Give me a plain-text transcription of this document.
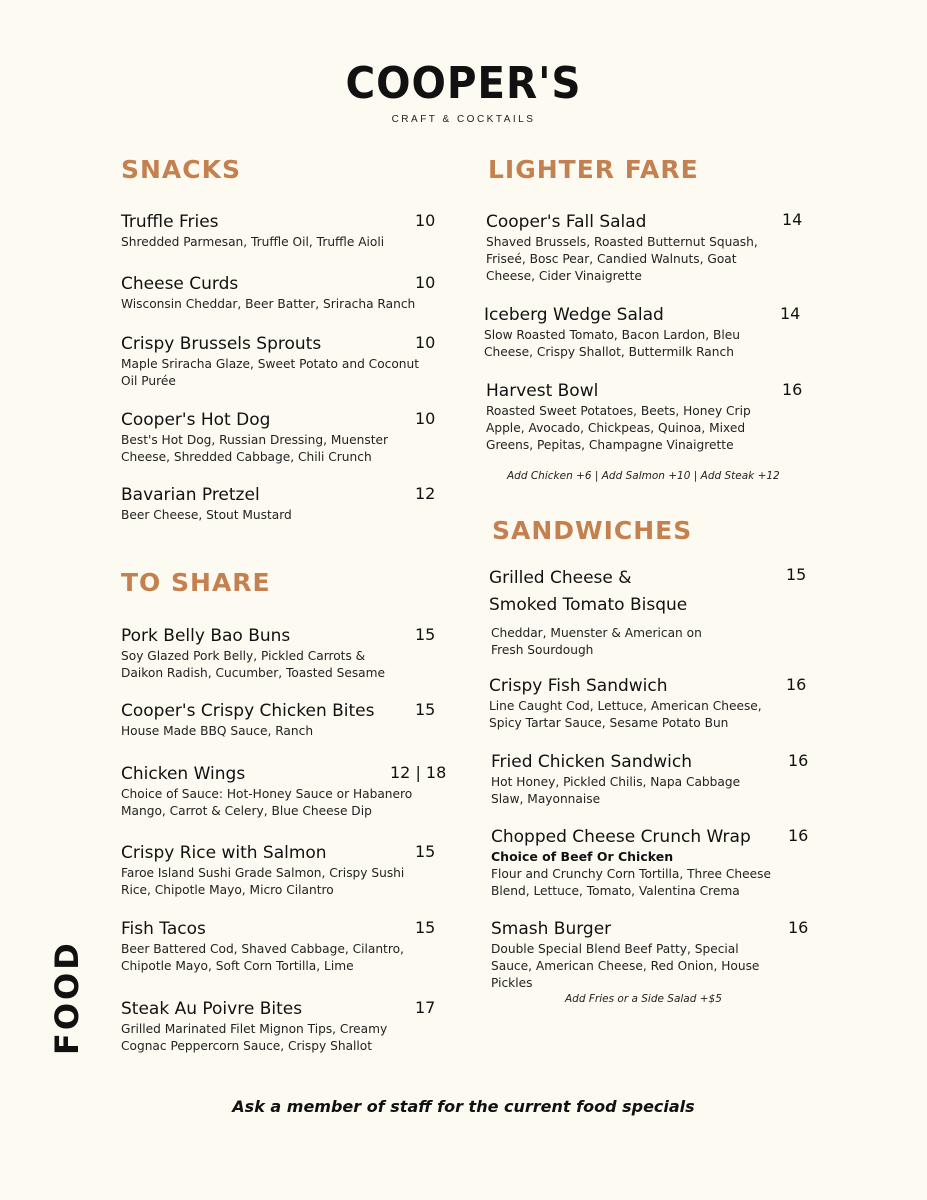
COOPER'S
CRAFT & COCKTAILS
SNACKS
Truffle Fries
Shredded Parmesan, Truffle Oil, Truffle Aioli
10
Cheese Curds
Wisconsin Cheddar, Beer Batter, Sriracha Ranch
10
Crispy Brussels Sprouts
Maple Sriracha Glaze, Sweet Potato and Coconut Oil Purée
10
Cooper's Hot Dog
Best's Hot Dog, Russian Dressing, Muenster Cheese, Shredded Cabbage, Chili Crunch
10
Bavarian Pretzel
Beer Cheese, Stout Mustard
12
TO SHARE
Pork Belly Bao Buns
Soy Glazed Pork Belly, Pickled Carrots & Daikon Radish, Cucumber, Toasted Sesame
15
Cooper's Crispy Chicken Bites
House Made BBQ Sauce, Ranch
15
Chicken Wings
Choice of Sauce: Hot-Honey Sauce or Habanero Mango, Carrot & Celery, Blue Cheese Dip
12 | 18
Crispy Rice with Salmon
Faroe Island Sushi Grade Salmon, Crispy Sushi Rice, Chipotle Mayo, Micro Cilantro
15
Fish Tacos
Beer Battered Cod, Shaved Cabbage, Cilantro, Chipotle Mayo, Soft Corn Tortilla, Lime
15
Steak Au Poivre Bites
Grilled Marinated Filet Mignon Tips, Creamy Cognac Peppercorn Sauce, Crispy Shallot
17
LIGHTER FARE
Cooper's Fall Salad
Shaved Brussels, Roasted Butternut Squash, Friseé, Bosc Pear, Candied Walnuts, Goat Cheese, Cider Vinaigrette
14
Iceberg Wedge Salad
Slow Roasted Tomato, Bacon Lardon, Bleu Cheese, Crispy Shallot, Buttermilk Ranch
14
Harvest Bowl
Roasted Sweet Potatoes, Beets, Honey Crip Apple, Avocado, Chickpeas, Quinoa, Mixed Greens, Pepitas, Champagne Vinaigrette
16
Add Chicken +6 | Add Salmon +10 | Add Steak +12
SANDWICHES
Grilled Cheese &
Smoked Tomato Bisque
Cheddar, Muenster & American on Fresh Sourdough
15
Crispy Fish Sandwich
Line Caught Cod, Lettuce, American Cheese, Spicy Tartar Sauce, Sesame Potato Bun
16
Fried Chicken Sandwich
Hot Honey, Pickled Chilis, Napa Cabbage Slaw, Mayonnaise
16
Chopped Cheese Crunch Wrap
Choice of Beef Or Chicken
Flour and Crunchy Corn Tortilla, Three Cheese Blend, Lettuce, Tomato, Valentina Crema
16
Smash Burger
Double Special Blend Beef Patty, Special Sauce, American Cheese, Red Onion, House Pickles
16
Add Fries or a Side Salad +$5
FOOD
Ask a member of staff for the current food specials
